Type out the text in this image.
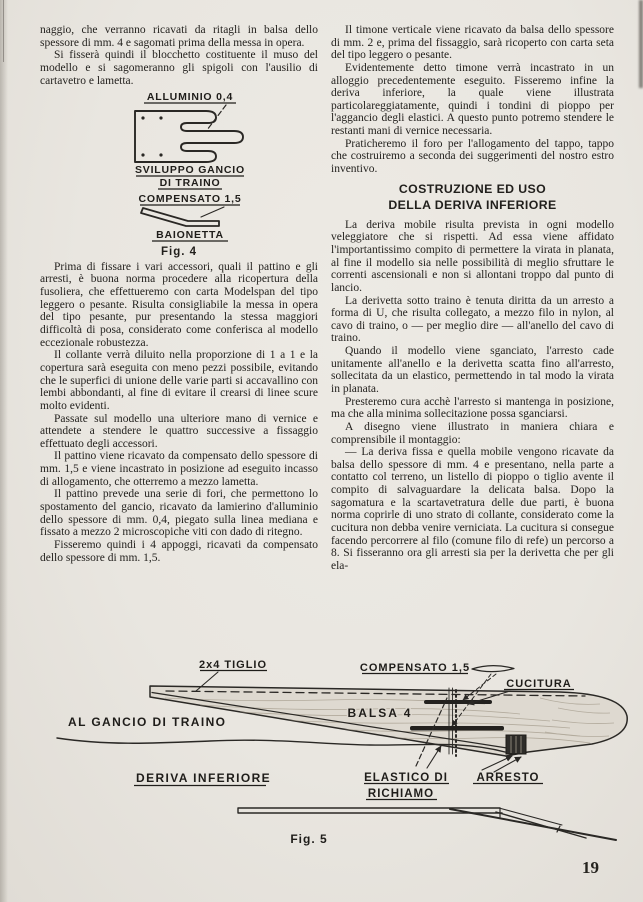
naggio, che verranno ricavati da ritagli in balsa dello spessore di mm. 4 e sagomati prima della messa in opera.

Si fisserà quindi il blocchetto costituente il muso del modello e si sagomeranno gli spigoli con l'ausilio di cartavetro e lametta.

ALLUMINIO 0,4
SVILUPPO GANCIO
DI TRAINO
COMPENSATO 1,5
BAIONETTA
Fig. 4

Prima di fissare i vari accessori, quali il pattino e gli arresti, è buona norma procedere alla ricopertura della fusoliera, che effettueremo con carta Modelspan del tipo leggero o pesante. Risulta consigliabile la messa in opera del tipo pesante, pur presentando la stessa maggiori difficoltà di posa, considerato come conferisca al modello eccezionale robustezza.

Il collante verrà diluito nella proporzione di 1 a 1 e la copertura sarà eseguita con meno pezzi possibile, evitando che le superfici di unione delle varie parti si accavallino con lembi abbondanti, al fine di evitare il crearsi di linee scure molto evidenti.

Passate sul modello una ulteriore mano di vernice e attendete a stendere le quattro successive a fissaggio effettuato degli accessori.

Il pattino viene ricavato da compensato dello spessore di mm. 1,5 e viene incastrato in posizione ad eseguito incasso di allogamento, che otterremo a mezzo lametta.

Il pattino prevede una serie di fori, che permettono lo spostamento del gancio, ricavato da lamierino d'alluminio dello spessore di mm. 0,4, piegato sulla linea mediana e fissato a mezzo 2 microscopiche viti con dado di ritegno.

Fisseremo quindi i 4 appoggi, ricavati da compensato dello spessore di mm. 1,5.

Il timone verticale viene ricavato da balsa dello spessore di mm. 2 e, prima del fissaggio, sarà ricoperto con carta seta del tipo leggero o pesante.

Evidentemente detto timone verrà incastrato in un alloggio precedentemente eseguito. Fisseremo infine la deriva inferiore, la quale viene illustrata particolareggiatamente, quindi i tondini di pioppo per l'aggancio degli elastici. A questo punto potremo stendere le restanti mani di vernice necessaria.

Praticheremo il foro per l'allogamento del tappo, tappo che costruiremo a seconda dei suggerimenti del nostro estro inventivo.

COSTRUZIONE ED USO
DELLA DERIVA INFERIORE

La deriva mobile risulta prevista in ogni modello veleggiatore che si rispetti. Ad essa viene affidato l'importantissimo compito di permettere la virata in planata, al fine il modello sia nelle possibilità di meglio sfruttare le correnti ascensionali e non si allontani troppo dal punto di lancio.

La derivetta sotto traino è tenuta diritta da un arresto a forma di U, che risulta collegato, a mezzo filo in nylon, al cavo di traino, o — per meglio dire — all'anello del cavo di traino.

Quando il modello viene sganciato, l'arresto cade unitamente all'anello e la derivetta scatta fino all'arresto, sollecitata da un elastico, permettendo in tal modo la virata in planata.

Presteremo cura acchè l'arresto si mantenga in posizione, ma che alla minima sollecitazione possa sganciarsi.

A disegno viene illustrato in maniera chiara e comprensibile il montaggio:

— La deriva fissa e quella mobile vengono ricavate da balsa dello spessore di mm. 4 e presentano, nella parte a contatto col terreno, un listello di pioppo o tiglio avente il compito di salvaguardare la delicata balsa. Dopo la sagomatura e la scartavetratura delle due parti, è buona norma coprirle di uno strato di collante, considerato come la cucitura non debba venire verniciata. La cucitura si consegue facendo percorrere al filo (comune filo di refe) un percorso a 8. Si fisseranno ora gli arresti sia per la derivetta che per gli ela-

2x4 TIGLIO	COMPENSATO 1,5
CUCITURA
BALSA 4
AL GANCIO DI TRAINO
DERIVA INFERIORE	ELASTICO DI
RICHIAMO
ARRESTO
Fig. 5
19
